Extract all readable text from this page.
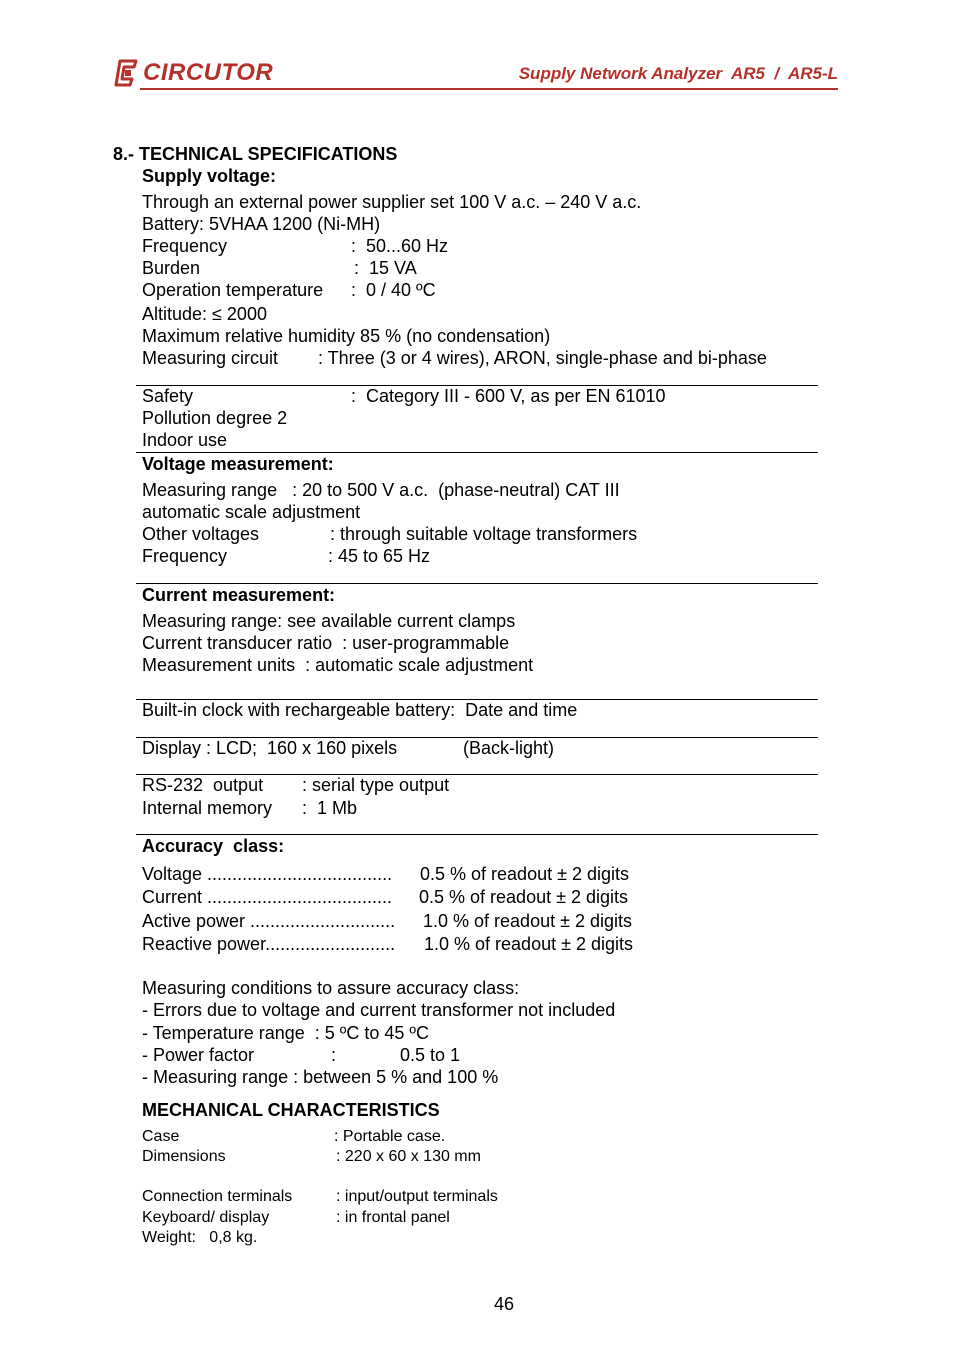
CIRCUTOR	Supply Network Analyzer  AR5  /  AR5-L
8.- TECHNICAL SPECIFICATIONS
Supply voltage:
Through an external power supplier set 100 V a.c. – 240 V a.c.
Battery: 5VHAA 1200 (Ni-MH)
Frequency	:  50...60 Hz
Burden	:  15 VA
Operation temperature :  0 / 40 ºC
Altitude: ≤ 2000
Maximum relative humidity 85 % (no condensation)
Measuring circuit : Three (3 or 4 wires), ARON, single-phase and bi-phase
Safety	:  Category III - 600 V, as per EN 61010
Pollution degree 2
Indoor use
Voltage measurement:
Measuring range   : 20 to 500 V a.c.  (phase-neutral) CAT III
automatic scale adjustment
Other voltages	: through suitable voltage transformers
Frequency	: 45 to 65 Hz
Current measurement:
Measuring range: see available current clamps
Current transducer ratio  : user-programmable
Measurement units  : automatic scale adjustment
Built-in clock with rechargeable battery:  Date and time
Display : LCD;  160 x 160 pixels	(Back-light)
RS-232  output : serial type output
Internal memory :  1 Mb
Accuracy  class:
Voltage ..................................... 0.5 % of readout ± 2 digits
Current ..................................... 0.5 % of readout ± 2 digits
Active power ............................. 1.0 % of readout ± 2 digits
Reactive power.......................... 1.0 % of readout ± 2 digits
Measuring conditions to assure accuracy class:
- Errors due to voltage and current transformer not included
- Temperature range  : 5 ºC to 45 ºC
- Power factor	:	0.5 to 1
- Measuring range : between 5 % and 100 %
MECHANICAL CHARACTERISTICS
Case	: Portable case.
Dimensions	: 220 x 60 x 130 mm
Connection terminals	: input/output terminals
Keyboard/ display	: in frontal panel
Weight:   0,8 kg.
46
